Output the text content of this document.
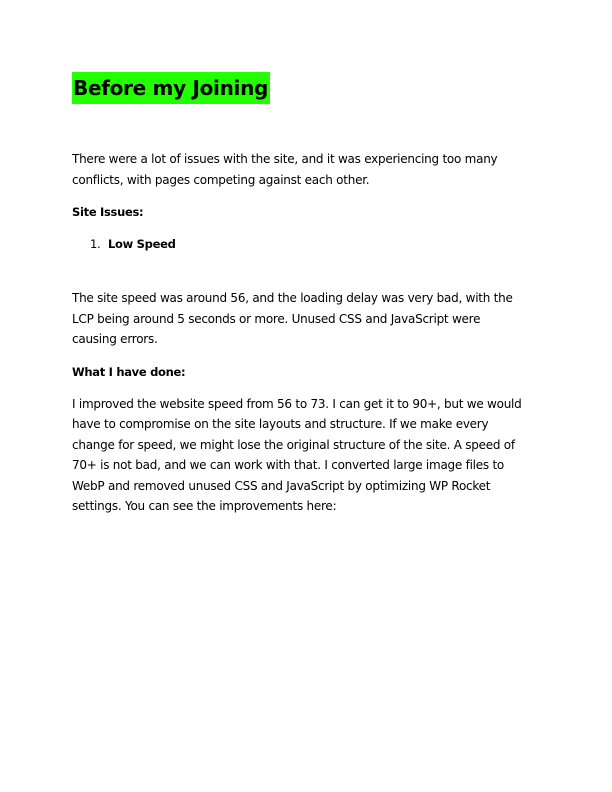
Before my Joining

There were a lot of issues with the site, and it was experiencing too many
conflicts, with pages competing against each other.

Site Issues:

1. Low Speed

The site speed was around 56, and the loading delay was very bad, with the
LCP being around 5 seconds or more. Unused CSS and JavaScript were
causing errors.

What I have done:

I improved the website speed from 56 to 73. I can get it to 90+, but we would
have to compromise on the site layouts and structure. If we make every
change for speed, we might lose the original structure of the site. A speed of
70+ is not bad, and we can work with that. I converted large image files to
WebP and removed unused CSS and JavaScript by optimizing WP Rocket
settings. You can see the improvements here:
